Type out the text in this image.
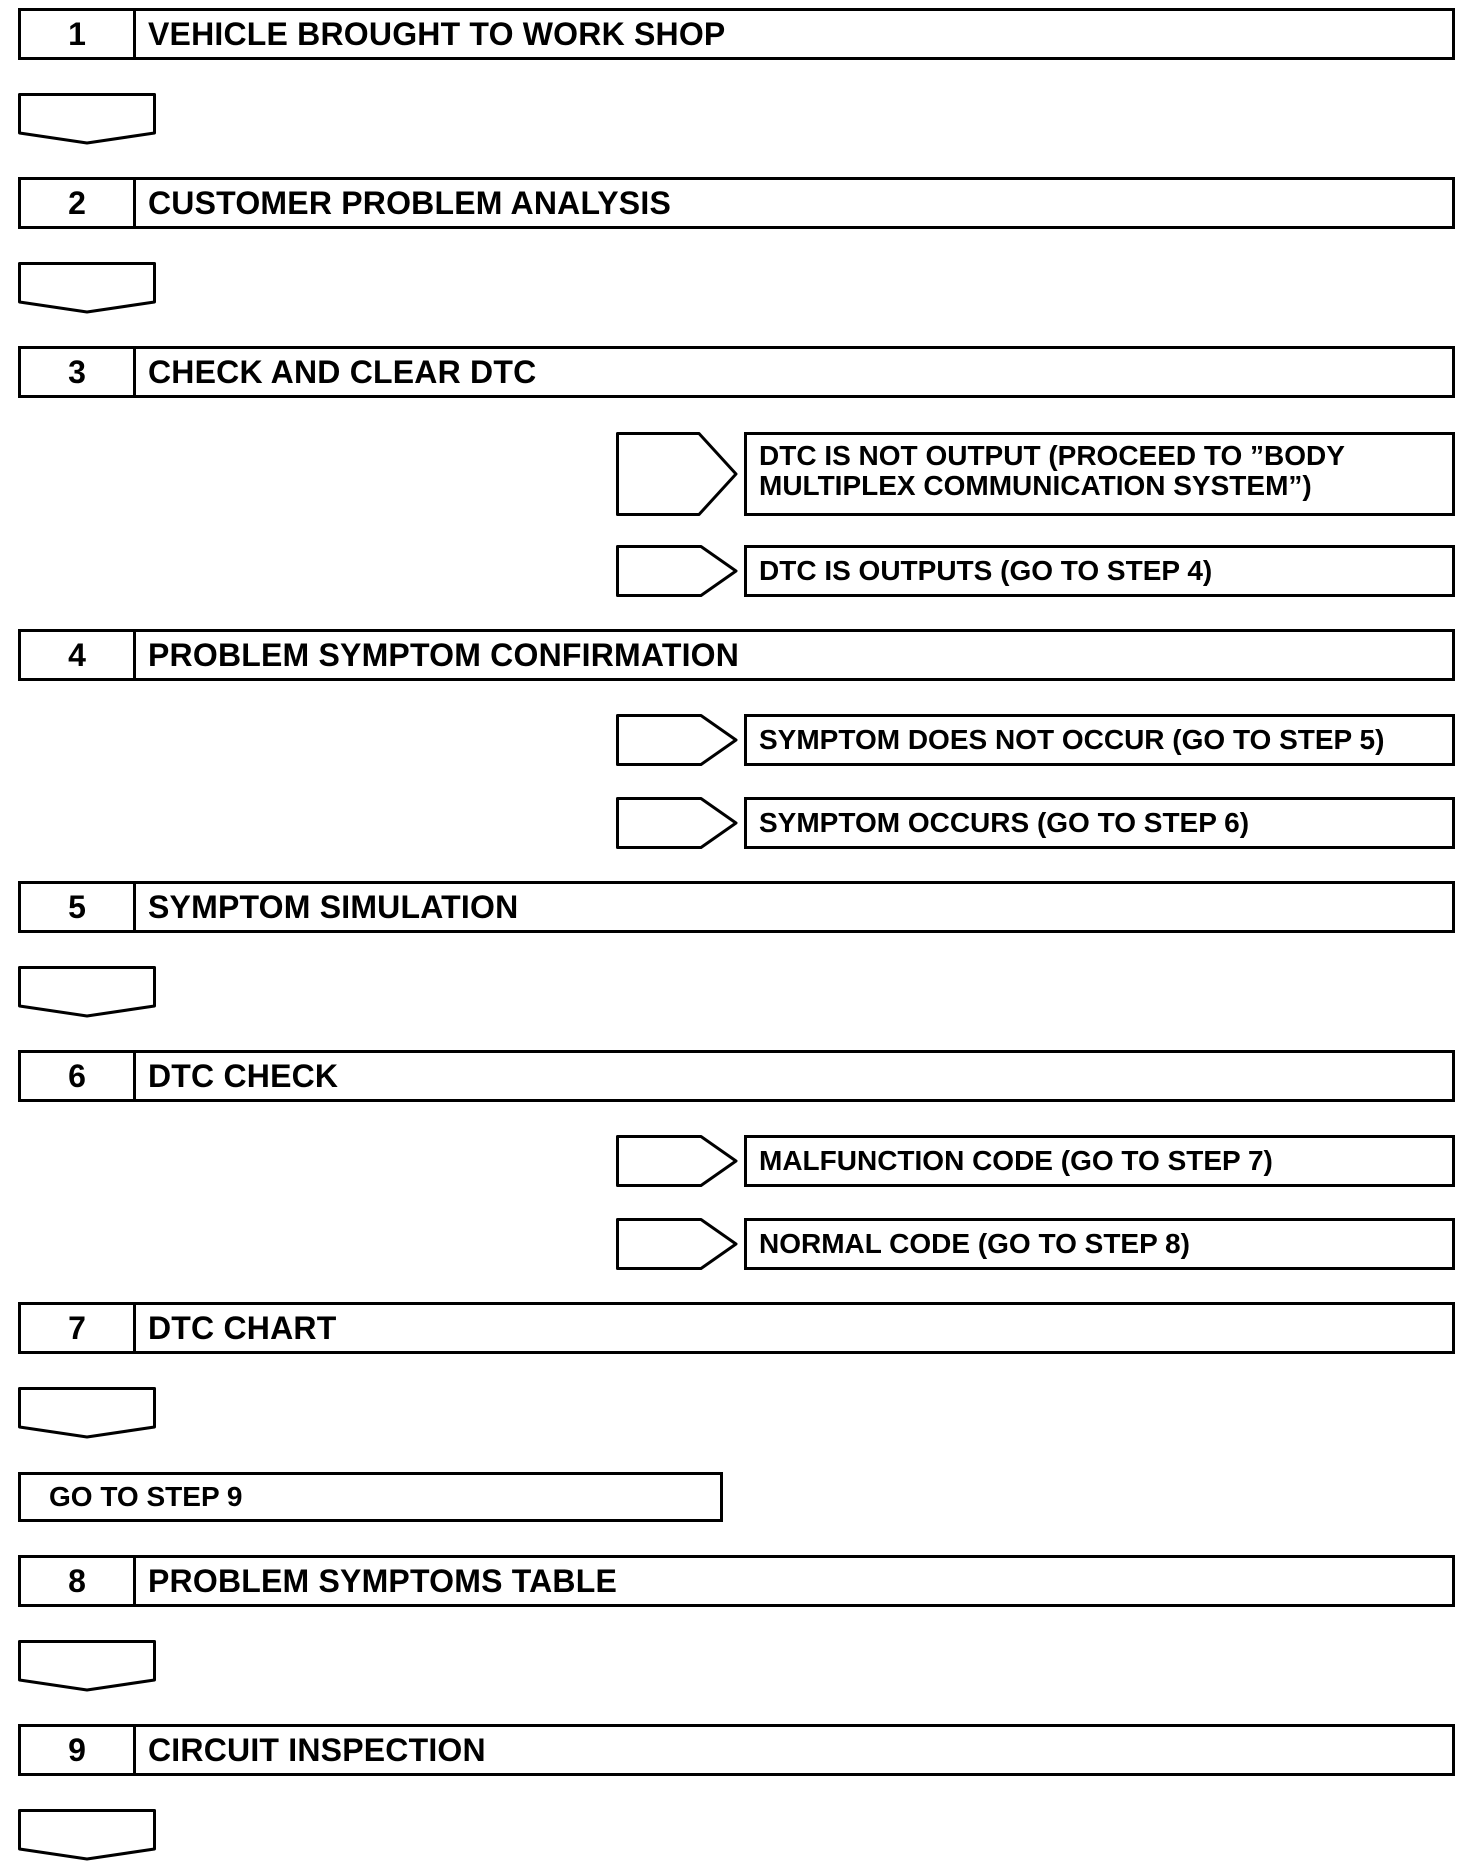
1	VEHICLE BROUGHT TO WORK SHOP
2	CUSTOMER PROBLEM ANALYSIS
3	CHECK AND CLEAR DTC
DTC IS NOT OUTPUT (PROCEED TO ”BODY
MULTIPLEX COMMUNICATION SYSTEM”)
DTC IS OUTPUTS (GO TO STEP 4)
4	PROBLEM SYMPTOM CONFIRMATION
SYMPTOM DOES NOT OCCUR (GO TO STEP 5)
SYMPTOM OCCURS (GO TO STEP 6)
5	SYMPTOM SIMULATION
6	DTC CHECK
MALFUNCTION CODE (GO TO STEP 7)
NORMAL CODE (GO TO STEP 8)
7	DTC CHART
GO TO STEP 9
8	PROBLEM SYMPTOMS TABLE
9	CIRCUIT INSPECTION
